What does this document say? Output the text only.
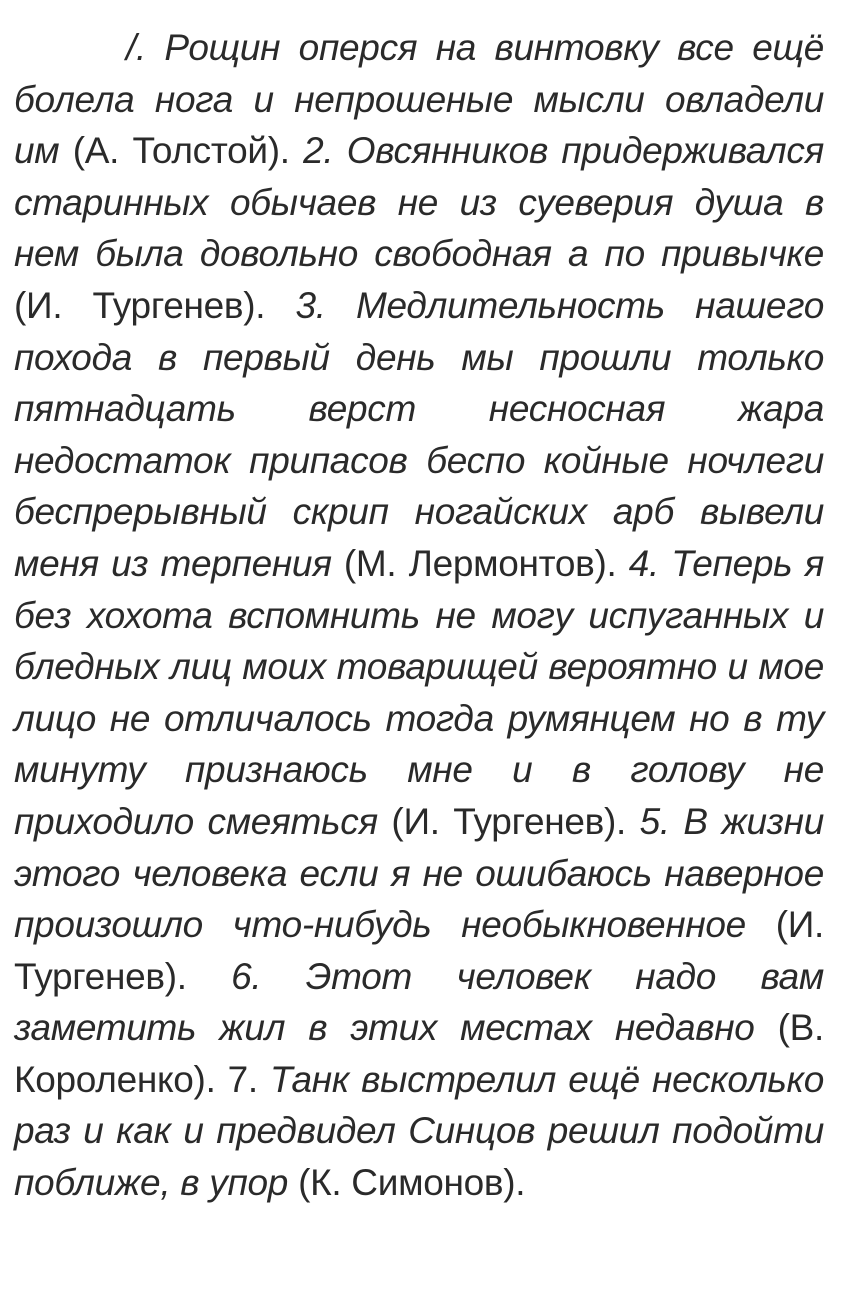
/. Рощин оперся на винтовку все ещё болела нога и непрошеные мысли овладели им (А. Толстой). 2. Овсянников придерживался старинных обычаев не из суеверия душа в нем была довольно свободная а по привычке (И. Тургенев). 3. Медлительность нашего похода в первый день мы прошли только пятнадцать верст несносная жара недостаток припасов беспо койные ночлеги беспрерывный скрип ногайских арб вывели меня из терпения (М. Лермонтов). 4. Теперь я без хохота вспомнить не могу испуганных и бледных лиц моих товарищей вероятно и мое лицо не отличалось тогда румянцем но в ту минуту признаюсь мне и в голову не приходило смеяться (И. Тургенев). 5. В жизни этого человека если я не ошибаюсь наверное произошло что-нибудь необыкновенное (И. Тургенев). 6. Этот человек надо вам заметить жил в этих местах недавно (В. Короленко). 7. Танк выстрелил ещё несколько раз и как и предвидел Синцов решил подойти поближе, в упор (К. Симонов).
